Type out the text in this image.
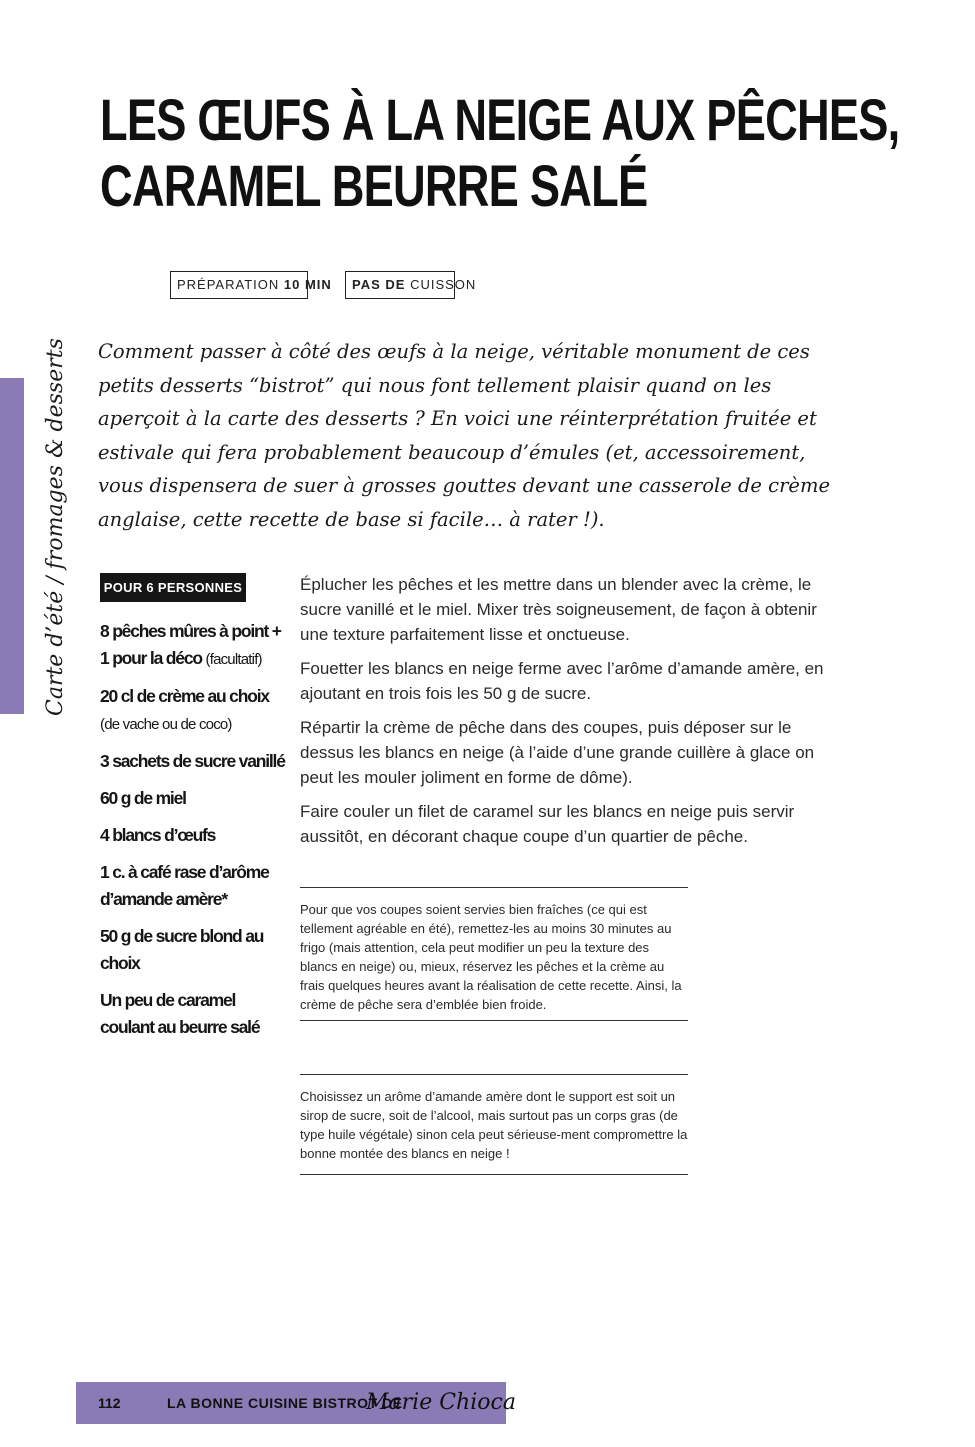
LES ŒUFS À LA NEIGE AUX PÊCHES,
CARAMEL BEURRE SALÉ
PRÉPARATION 10 MIN	PAS DE CUISSON
Carte d’été / fromages & desserts Comment passer à côté des œufs à la neige, véritable monument de ces petits desserts “bistrot” qui nous font tellement plaisir quand on les aperçoit à la carte des desserts ? En voici une réinterprétation fruitée et estivale qui fera probablement beaucoup d’émules (et, accessoirement, vous dispensera de suer à grosses gouttes devant une casserole de crème anglaise, cette recette de base si facile… à rater !).

POUR 6 PERSONNES
8 pêches mûres à point + 1 pour la déco (facultatif)
20 cl de crème au choix (de vache ou de coco)
3 sachets de sucre vanillé
60 g de miel
4 blancs d’œufs
1 c. à café rase d’arôme d’amande amère*
50 g de sucre blond au choix
Un peu de caramel coulant au beurre salé

Éplucher les pêches et les mettre dans un blender avec la crème, le sucre vanillé et le miel. Mixer très soigneusement, de façon à obtenir une texture parfaitement lisse et onctueuse.

Fouetter les blancs en neige ferme avec l’arôme d’amande amère, en ajoutant en trois fois les 50 g de sucre.

Répartir la crème de pêche dans des coupes, puis déposer sur le dessus les blancs en neige (à l’aide d’une grande cuillère à glace on peut les mouler joliment en forme de dôme).

Faire couler un filet de caramel sur les blancs en neige puis servir aussitôt, en décorant chaque coupe d’un quartier de pêche.

Pour que vos coupes soient servies bien fraîches (ce qui est tellement agréable en été), remettez-les au moins 30 minutes au frigo (mais attention, cela peut modifier un peu la texture des blancs en neige) ou, mieux, réservez les pêches et la crème au frais quelques heures avant la réalisation de cette recette. Ainsi, la crème de pêche sera d’emblée bien froide.

Choisissez un arôme d’amande amère dont le support est soit un sirop de sucre, soit de l’alcool, mais surtout pas un corps gras (de type huile végétale) sinon cela peut sérieuse-ment compromettre la bonne montée des blancs en neige !

112	LA BONNE CUISINE BISTROT DE
Marie Chioca
